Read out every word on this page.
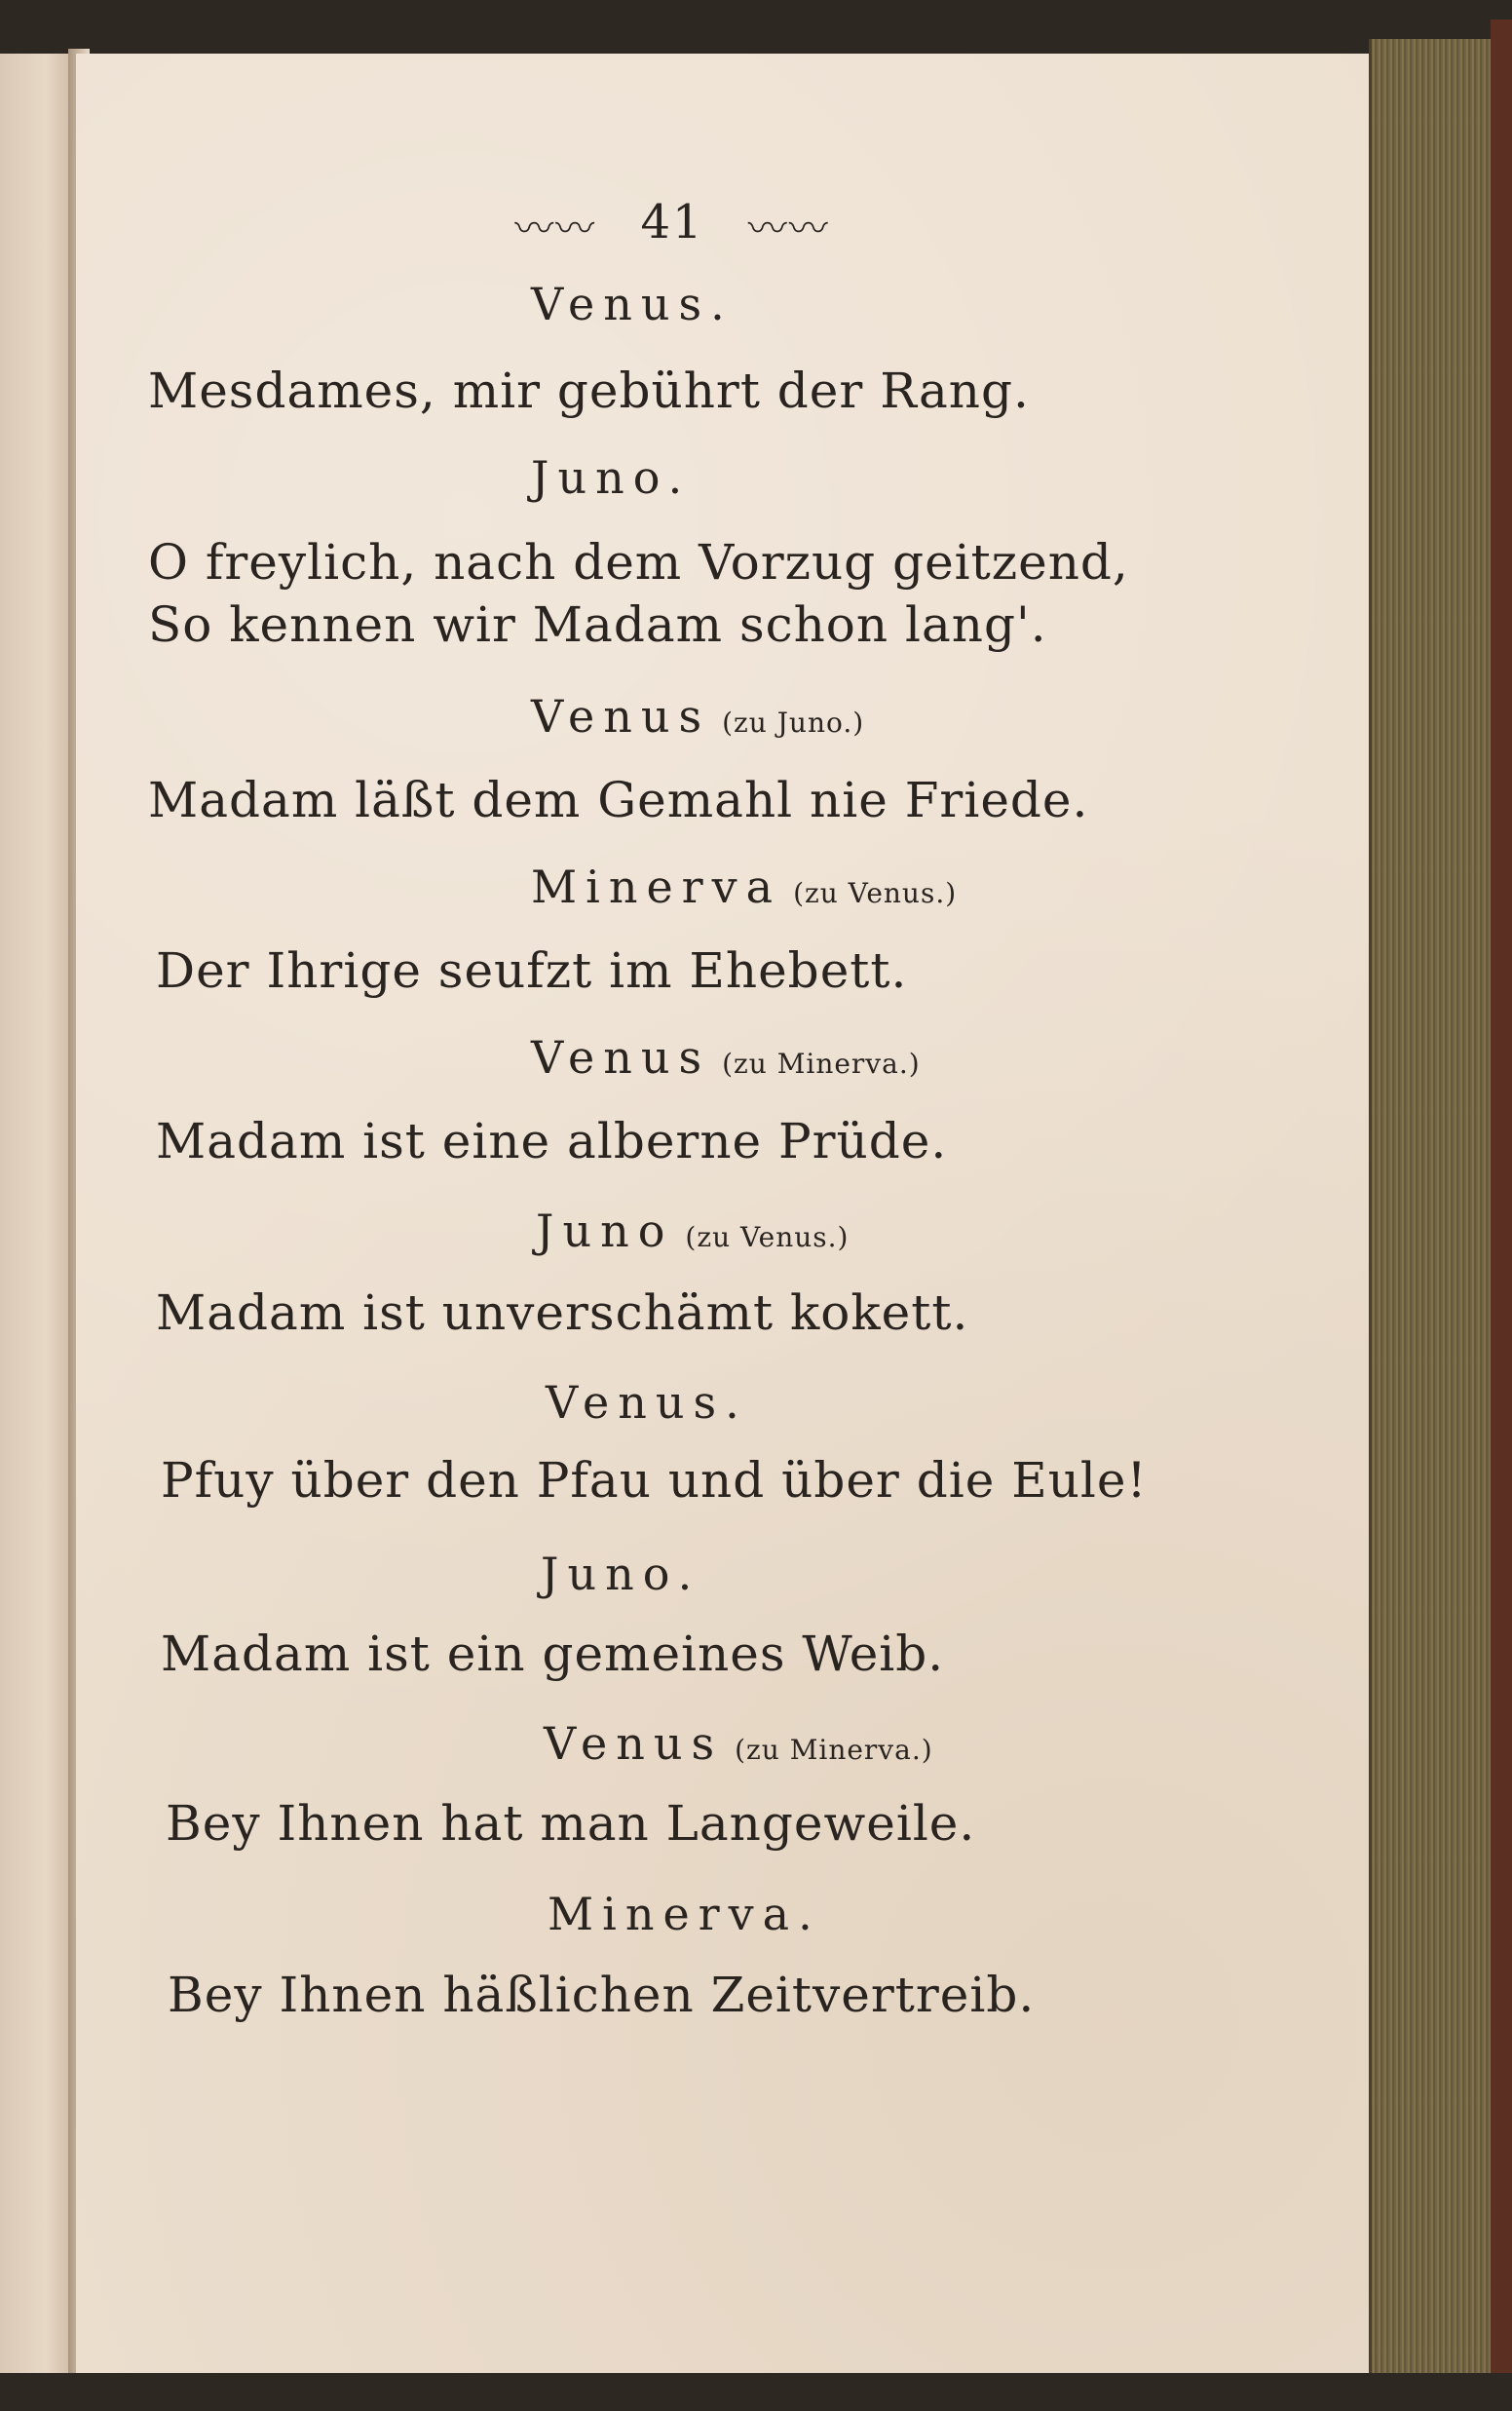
〰〰 41 〰〰
Venus.
Mesdames, mir gebührt der Rang.
Juno.
O freylich, nach dem Vorzug geitzend,
So kennen wir Madam schon lang'.
Venus (zu Juno.)
Madam läßt dem Gemahl nie Friede.
Minerva (zu Venus.)
Der Ihrige seufzt im Ehebett.
Venus (zu Minerva.)
Madam ist eine alberne Prüde.
Juno (zu Venus.)
Madam ist unverschämt kokett.
Venus.
Pfuy über den Pfau und über die Eule!
Juno.
Madam ist ein gemeines Weib.
Venus (zu Minerva.)
Bey Ihnen hat man Langeweile.
Minerva.
Bey Ihnen häßlichen Zeitvertreib.
